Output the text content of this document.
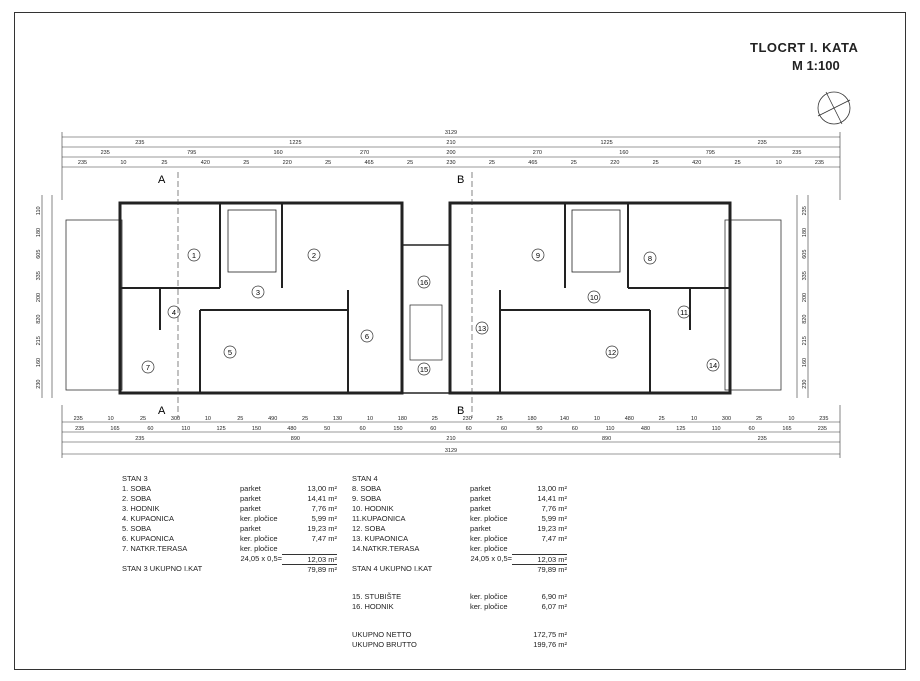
TLOCRT I. KATA
M 1:100
A	B
A	B
1	2
3
4
5
6
7
8
9
10
11
12
13
14
15
16
3129
235	1225	210	1225	235
235	795	160	270	200	270	160	795	235
235	10	25	420	25	220	25	465	25	230	25	465	25	220	25	420	25	10	235
235	10	25	300	10	25	490	25	130	10	180	25	230	25	180	140	10	480	25	10	300	25	10	235
235	165	60	110	125	150	480	50	60	150	60	60	60	50	60	110	480	125	110	60	165	235
235	890	210	890	235
3129
110
180
605
335
200
820
215
160
230
235
180
605
335
200
820
215
160
230
STAN 3
1. SOBA	parket	13,00 m²
2. SOBA	parket	14,41 m²
3. HODNIK	parket	7,76 m²
4. KUPAONICA	ker. pločice	5,99 m²
5. SOBA	parket	19,23 m²
6. KUPAONICA	ker. pločice	7,47 m²
7. NATKR.TERASA	ker. pločice
24,05 x 0,5=	12,03 m²
STAN 3 UKUPNO I.KAT	79,89 m²
STAN 4
8. SOBA	parket	13,00 m²
9. SOBA	parket	14,41 m²
10. HODNIK	parket	7,76 m²
11.KUPAONICA	ker. pločice	5,99 m²
12. SOBA	parket	19,23 m²
13. KUPAONICA	ker. pločice	7,47 m²
14.NATKR.TERASA	ker. pločice
24,05 x 0,5=	12,03 m²
STAN 4 UKUPNO I.KAT	79,89 m²
15. STUBIŠTE	ker. pločice	6,90 m²
16. HODNIK	ker. pločice	6,07 m²
UKUPNO NETTO	172,75 m²
UKUPNO BRUTTO	199,76 m²
